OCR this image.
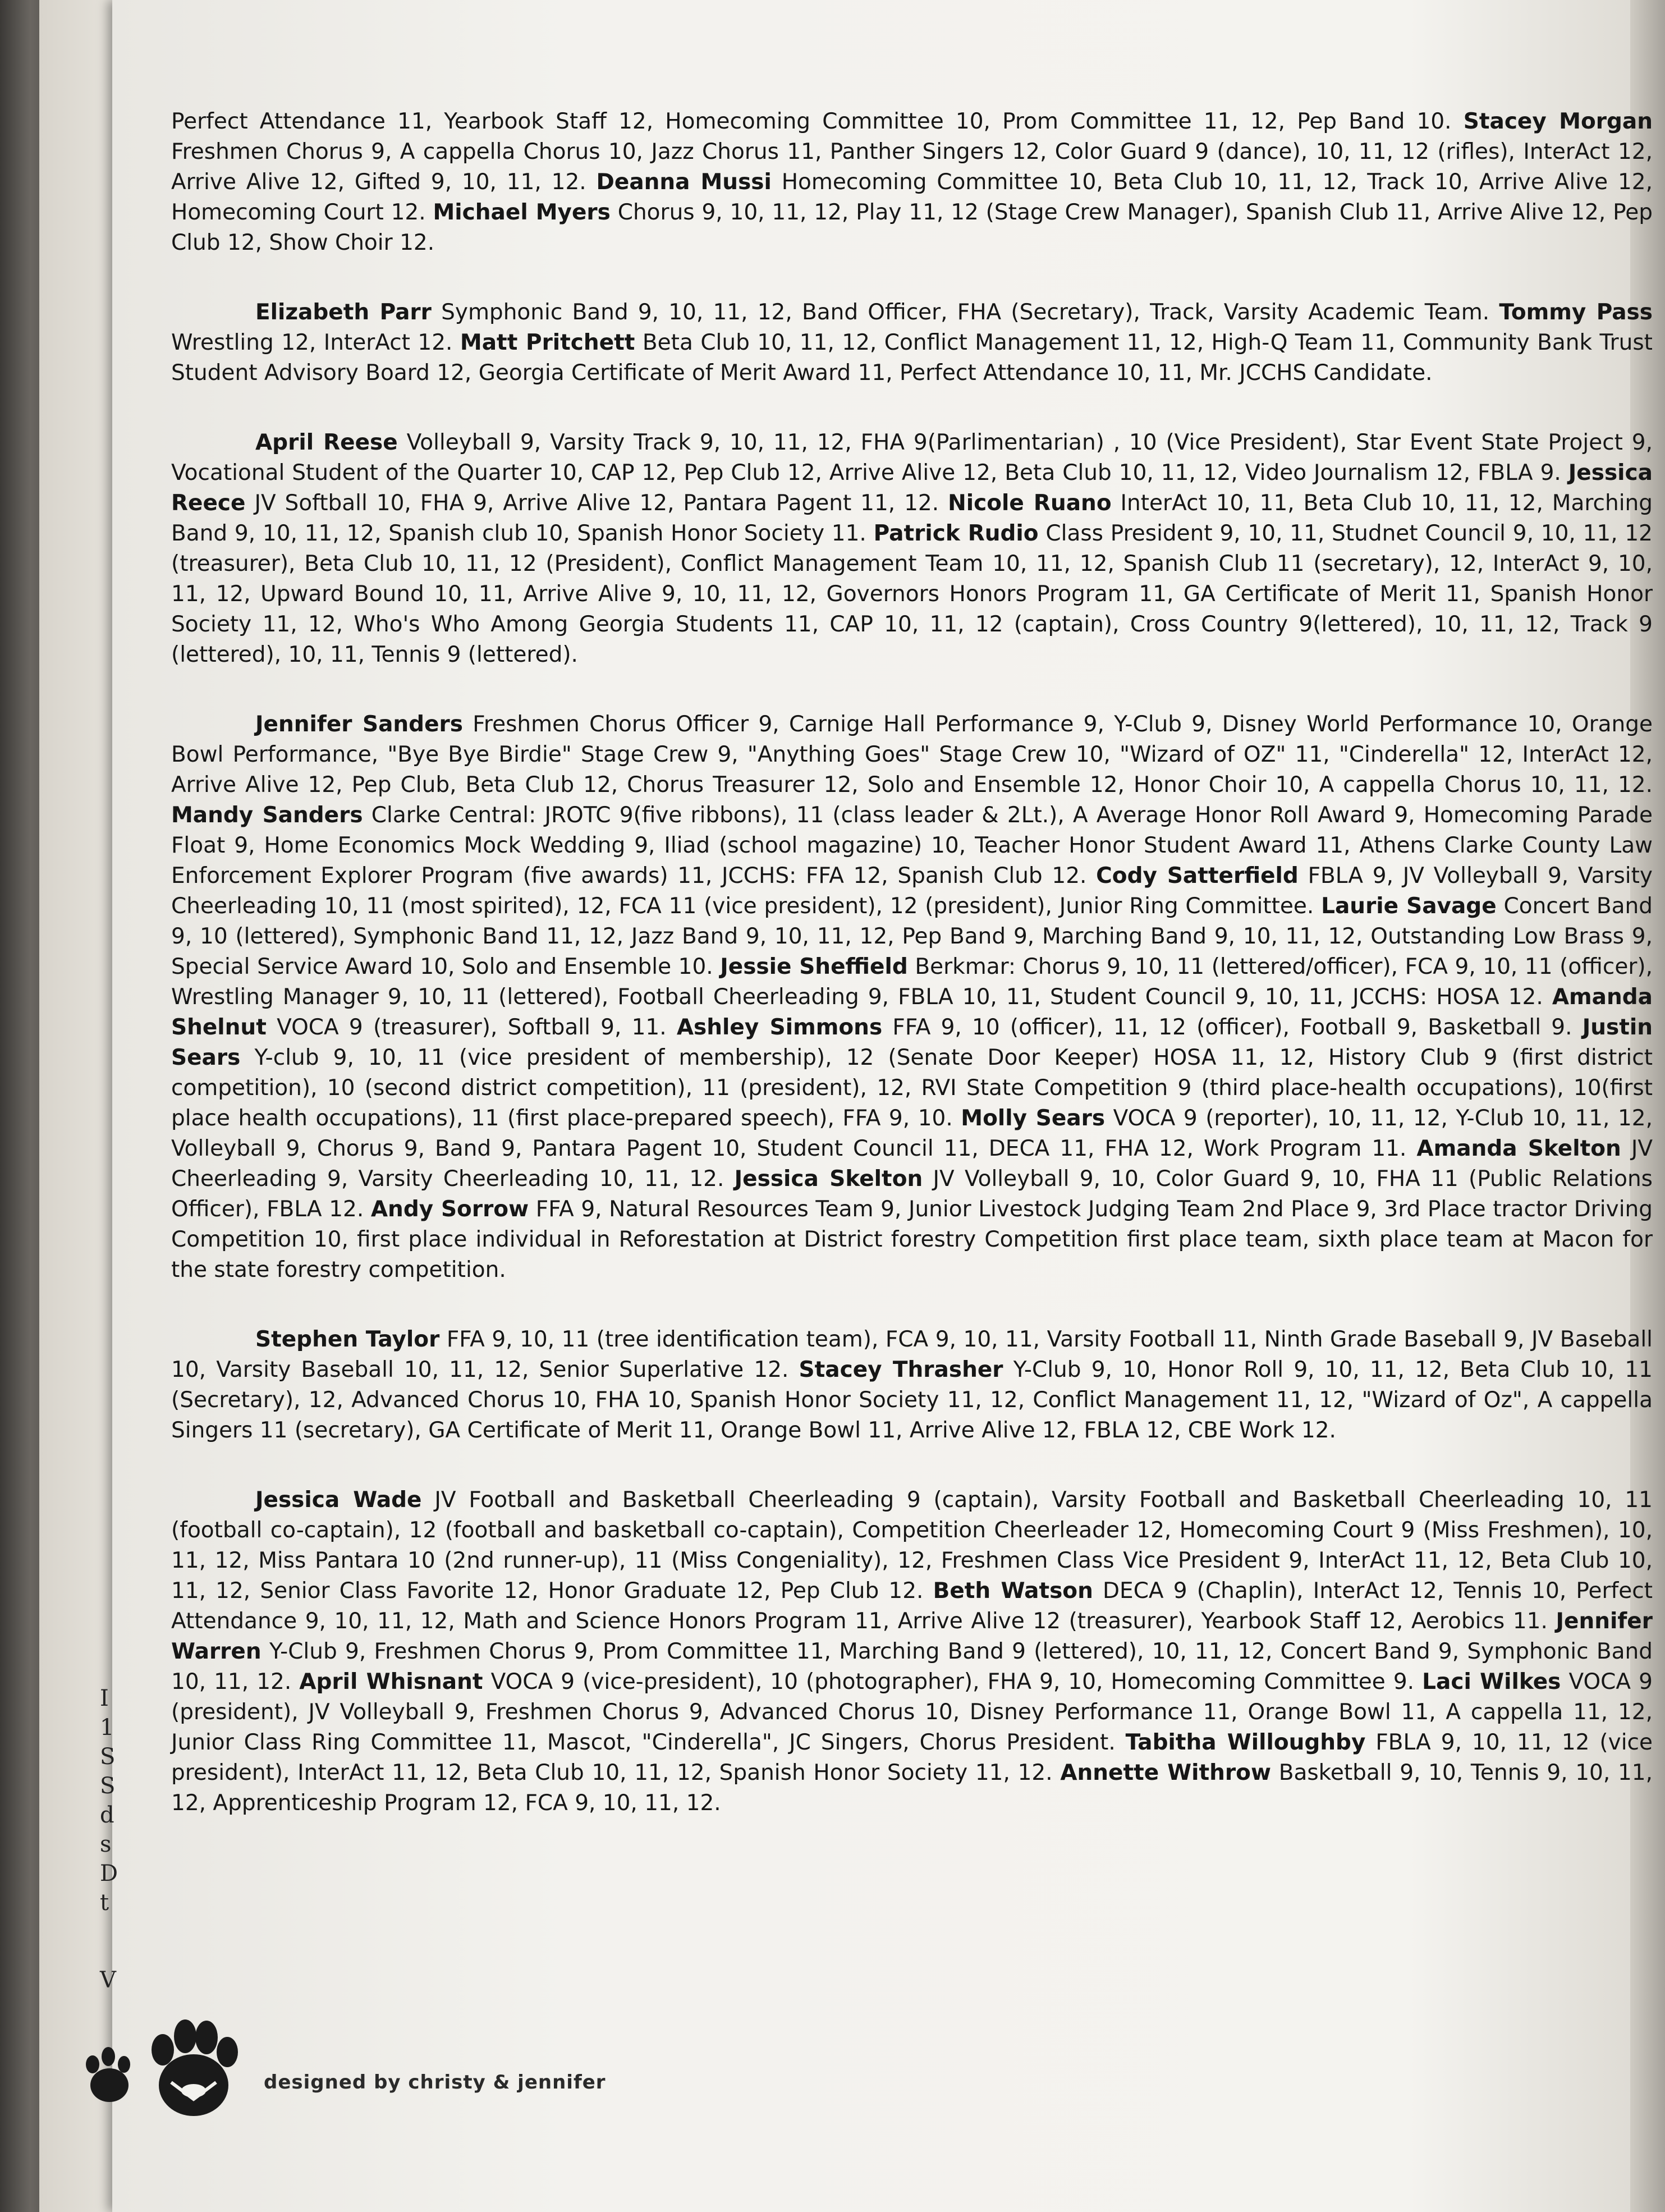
Perfect Attendance 11, Yearbook Staff 12, Homecoming Committee 10, Prom Committee 11, 12, Pep Band 10. Stacey Morgan Freshmen Chorus 9, A cappella Chorus 10, Jazz Chorus 11, Panther Singers 12, Color Guard 9 (dance), 10, 11, 12 (rifles), InterAct 12, Arrive Alive 12, Gifted 9, 10, 11, 12. Deanna Mussi Homecoming Committee 10, Beta Club 10, 11, 12, Track 10, Arrive Alive 12, Homecoming Court 12. Michael Myers Chorus 9, 10, 11, 12, Play 11, 12 (Stage Crew Manager), Spanish Club 11, Arrive Alive 12, Pep Club 12, Show Choir 12.

Elizabeth Parr Symphonic Band 9, 10, 11, 12, Band Officer, FHA (Secretary), Track, Varsity Academic Team. Tommy Pass Wrestling 12, InterAct 12. Matt Pritchett Beta Club 10, 11, 12, Conflict Management 11, 12, High-Q Team 11, Community Bank Trust Student Advisory Board 12, Georgia Certificate of Merit Award 11, Perfect Attendance 10, 11, Mr. JCCHS Candidate.

April Reese Volleyball 9, Varsity Track 9, 10, 11, 12, FHA 9(Parlimentarian) , 10 (Vice President), Star Event State Project 9, Vocational Student of the Quarter 10, CAP 12, Pep Club 12, Arrive Alive 12, Beta Club 10, 11, 12, Video Journalism 12, FBLA 9. Jessica Reece JV Softball 10, FHA 9, Arrive Alive 12, Pantara Pagent 11, 12. Nicole Ruano InterAct 10, 11, Beta Club 10, 11, 12, Marching Band 9, 10, 11, 12, Spanish club 10, Spanish Honor Society 11. Patrick Rudio Class President 9, 10, 11, Studnet Council 9, 10, 11, 12 (treasurer), Beta Club 10, 11, 12 (President), Conflict Management Team 10, 11, 12, Spanish Club 11 (secretary), 12, InterAct 9, 10, 11, 12, Upward Bound 10, 11, Arrive Alive 9, 10, 11, 12, Governors Honors Program 11, GA Certificate of Merit 11, Spanish Honor Society 11, 12, Who's Who Among Georgia Students 11, CAP 10, 11, 12 (captain), Cross Country 9(lettered), 10, 11, 12, Track 9 (lettered), 10, 11, Tennis 9 (lettered).

Jennifer Sanders Freshmen Chorus Officer 9, Carnige Hall Performance 9, Y-Club 9, Disney World Performance 10, Orange Bowl Performance, "Bye Bye Birdie" Stage Crew 9, "Anything Goes" Stage Crew 10, "Wizard of OZ" 11, "Cinderella" 12, InterAct 12, Arrive Alive 12, Pep Club, Beta Club 12, Chorus Treasurer 12, Solo and Ensemble 12, Honor Choir 10, A cappella Chorus 10, 11, 12. Mandy Sanders Clarke Central: JROTC 9(five ribbons), 11 (class leader & 2Lt.), A Average Honor Roll Award 9, Homecoming Parade Float 9, Home Economics Mock Wedding 9, Iliad (school magazine) 10, Teacher Honor Student Award 11, Athens Clarke County Law Enforcement Explorer Program (five awards) 11, JCCHS: FFA 12, Spanish Club 12. Cody Satterfield FBLA 9, JV Volleyball 9, Varsity Cheerleading 10, 11 (most spirited), 12, FCA 11 (vice president), 12 (president), Junior Ring Committee. Laurie Savage Concert Band 9, 10 (lettered), Symphonic Band 11, 12, Jazz Band 9, 10, 11, 12, Pep Band 9, Marching Band 9, 10, 11, 12, Outstanding Low Brass 9, Special Service Award 10, Solo and Ensemble 10. Jessie Sheffield Berkmar: Chorus 9, 10, 11 (lettered/officer), FCA 9, 10, 11 (officer), Wrestling Manager 9, 10, 11 (lettered), Football Cheerleading 9, FBLA 10, 11, Student Council 9, 10, 11, JCCHS: HOSA 12. Amanda Shelnut VOCA 9 (treasurer), Softball 9, 11. Ashley Simmons FFA 9, 10 (officer), 11, 12 (officer), Football 9, Basketball 9. Justin Sears Y-club 9, 10, 11 (vice president of membership), 12 (Senate Door Keeper) HOSA 11, 12, History Club 9 (first district competition), 10 (second district competition), 11 (president), 12, RVI State Competition 9 (third place-health occupations), 10(first place health occupations), 11 (first place-prepared speech), FFA 9, 10. Molly Sears VOCA 9 (reporter), 10, 11, 12, Y-Club 10, 11, 12, Volleyball 9, Chorus 9, Band 9, Pantara Pagent 10, Student Council 11, DECA 11, FHA 12, Work Program 11. Amanda Skelton JV Cheerleading 9, Varsity Cheerleading 10, 11, 12. Jessica Skelton JV Volleyball 9, 10, Color Guard 9, 10, FHA 11 (Public Relations Officer), FBLA 12. Andy Sorrow FFA 9, Natural Resources Team 9, Junior Livestock Judging Team 2nd Place 9, 3rd Place tractor Driving Competition 10, first place individual in Reforestation at District forestry Competition first place team, sixth place team at Macon for the state forestry competition.

Stephen Taylor FFA 9, 10, 11 (tree identification team), FCA 9, 10, 11, Varsity Football 11, Ninth Grade Baseball 9, JV Baseball 10, Varsity Baseball 10, 11, 12, Senior Superlative 12. Stacey Thrasher Y-Club 9, 10, Honor Roll 9, 10, 11, 12, Beta Club 10, 11 (Secretary), 12, Advanced Chorus 10, FHA 10, Spanish Honor Society 11, 12, Conflict Management 11, 12, "Wizard of Oz", A cappella Singers 11 (secretary), GA Certificate of Merit 11, Orange Bowl 11, Arrive Alive 12, FBLA 12, CBE Work 12.

Jessica Wade JV Football and Basketball Cheerleading 9 (captain), Varsity Football and Basketball Cheerleading 10, 11 (football co-captain), 12 (football and basketball co-captain), Competition Cheerleader 12, Homecoming Court 9 (Miss Freshmen), 10, 11, 12, Miss Pantara 10 (2nd runner-up), 11 (Miss Congeniality), 12, Freshmen Class Vice President 9, InterAct 11, 12, Beta Club 10, 11, 12, Senior Class Favorite 12, Honor Graduate 12, Pep Club 12. Beth Watson DECA 9 (Chaplin), InterAct 12, Tennis 10, Perfect Attendance 9, 10, 11, 12, Math and Science Honors Program 11, Arrive Alive 12 (treasurer), Yearbook Staff 12, Aerobics 11. Jennifer Warren Y-Club 9, Freshmen Chorus 9, Prom Committee 11, Marching Band 9 (lettered), 10, 11, 12, Concert Band 9, Symphonic Band 10, 11, 12. April Whisnant VOCA 9 (vice-president), 10 (photographer), FHA 9, 10, Homecoming Committee 9. Laci Wilkes VOCA 9 (president), JV Volleyball 9, Freshmen Chorus 9, Advanced Chorus 10, Disney Performance 11, Orange Bowl 11, A cappella 11, 12, Junior Class Ring Committee 11, Mascot, "Cinderella", JC Singers, Chorus President. Tabitha Willoughby FBLA 9, 10, 11, 12 (vice president), InterAct 11, 12, Beta Club 10, 11, 12, Spanish Honor Society 11, 12. Annette Withrow Basketball 9, 10, Tennis 9, 10, 11, 12, Apprenticeship Program 12, FCA 9, 10, 11, 12.

I
1
S
S
d
s
D
t
V
designed by christy & jennifer
